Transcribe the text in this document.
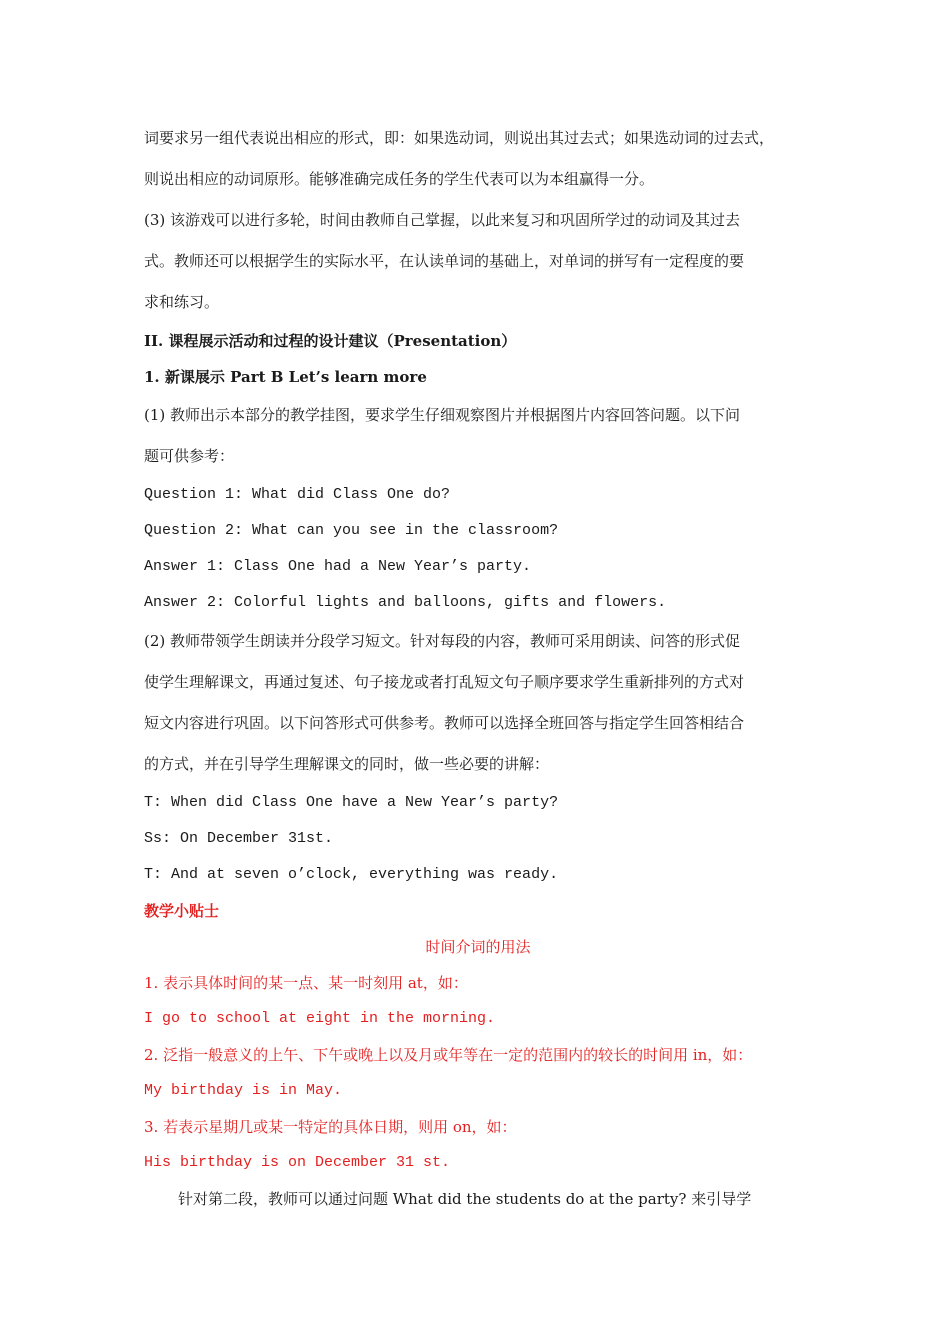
词要求另一组代表说出相应的形式，即：如果选动词，则说出其过去式；如果选动词的过去式，
则说出相应的动词原形。能够准确完成任务的学生代表可以为本组赢得一分。
(3) 该游戏可以进行多轮，时间由教师自己掌握，以此来复习和巩固所学过的动词及其过去
式。教师还可以根据学生的实际水平，在认读单词的基础上，对单词的拼写有一定程度的要
求和练习。
II. 课程展示活动和过程的设计建议（Presentation）
1. 新课展示 Part B Let’s learn more
(1) 教师出示本部分的教学挂图，要求学生仔细观察图片并根据图片内容回答问题。以下问
题可供参考：
Question 1: What did Class One do?
Question 2: What can you see in the classroom?
Answer 1: Class One had a New Year’s party.
Answer 2: Colorful lights and balloons, gifts and flowers.
(2) 教师带领学生朗读并分段学习短文。针对每段的内容，教师可采用朗读、问答的形式促
使学生理解课文，再通过复述、句子接龙或者打乱短文句子顺序要求学生重新排列的方式对
短文内容进行巩固。以下问答形式可供参考。教师可以选择全班回答与指定学生回答相结合
的方式，并在引导学生理解课文的同时，做一些必要的讲解：
T: When did Class One have a New Year’s party?
Ss: On December 31st.
T: And at seven o’clock, everything was ready.
教学小贴士
时间介词的用法
1. 表示具体时间的某一点、某一时刻用 at，如：
I go to school at eight in the morning.
2. 泛指一般意义的上午、下午或晚上以及月或年等在一定的范围内的较长的时间用 in，如：
My birthday is in May.
3. 若表示星期几或某一特定的具体日期，则用 on，如：
His birthday is on December 31 st.
针对第二段，教师可以通过问题 What did the students do at the party? 来引导学
